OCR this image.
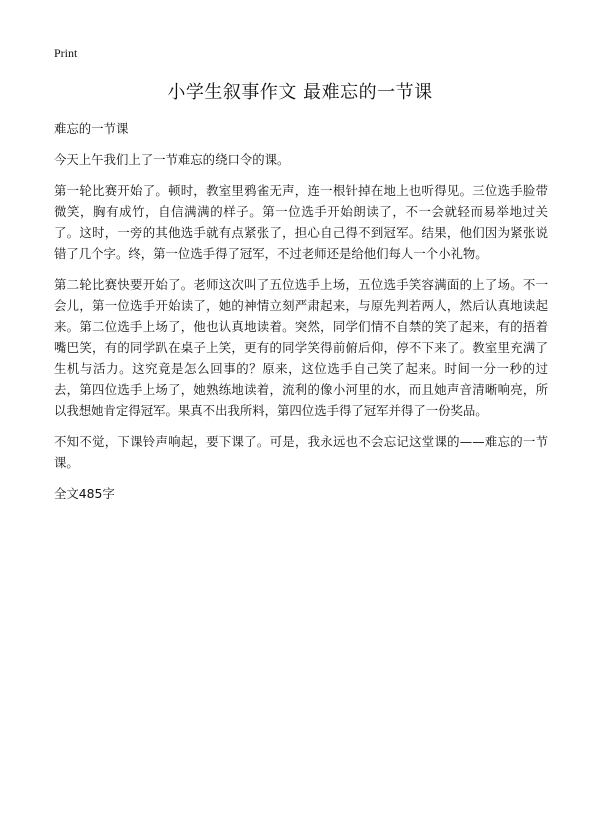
Print
小学生叙事作文 最难忘的一节课

难忘的一节课

今天上午我们上了一节难忘的绕口令的课。

第一轮比赛开始了。顿时，教室里鸦雀无声，连一根针掉在地上也听得见。三位选手脸带微笑，胸有成竹，自信满满的样子。第一位选手开始朗读了，不一会就轻而易举地过关了。这时，一旁的其他选手就有点紧张了，担心自己得不到冠军。结果，他们因为紧张说错了几个字。终，第一位选手得了冠军，不过老师还是给他们每人一个小礼物。

第二轮比赛快要开始了。老师这次叫了五位选手上场，五位选手笑容满面的上了场。不一会儿，第一位选手开始读了，她的神情立刻严肃起来，与原先判若两人，然后认真地读起来。第二位选手上场了，他也认真地读着。突然，同学们情不自禁的笑了起来，有的捂着嘴巴笑，有的同学趴在桌子上笑，更有的同学笑得前俯后仰，停不下来了。教室里充满了生机与活力。这究竟是怎么回事的？原来，这位选手自己笑了起来。时间一分一秒的过去，第四位选手上场了，她熟练地读着，流利的像小河里的水，而且她声音清晰响亮，所以我想她肯定得冠军。果真不出我所料，第四位选手得了冠军并得了一份奖品。

不知不觉，下课铃声响起，要下课了。可是，我永远也不会忘记这堂课的——难忘的一节课。

全文485字
